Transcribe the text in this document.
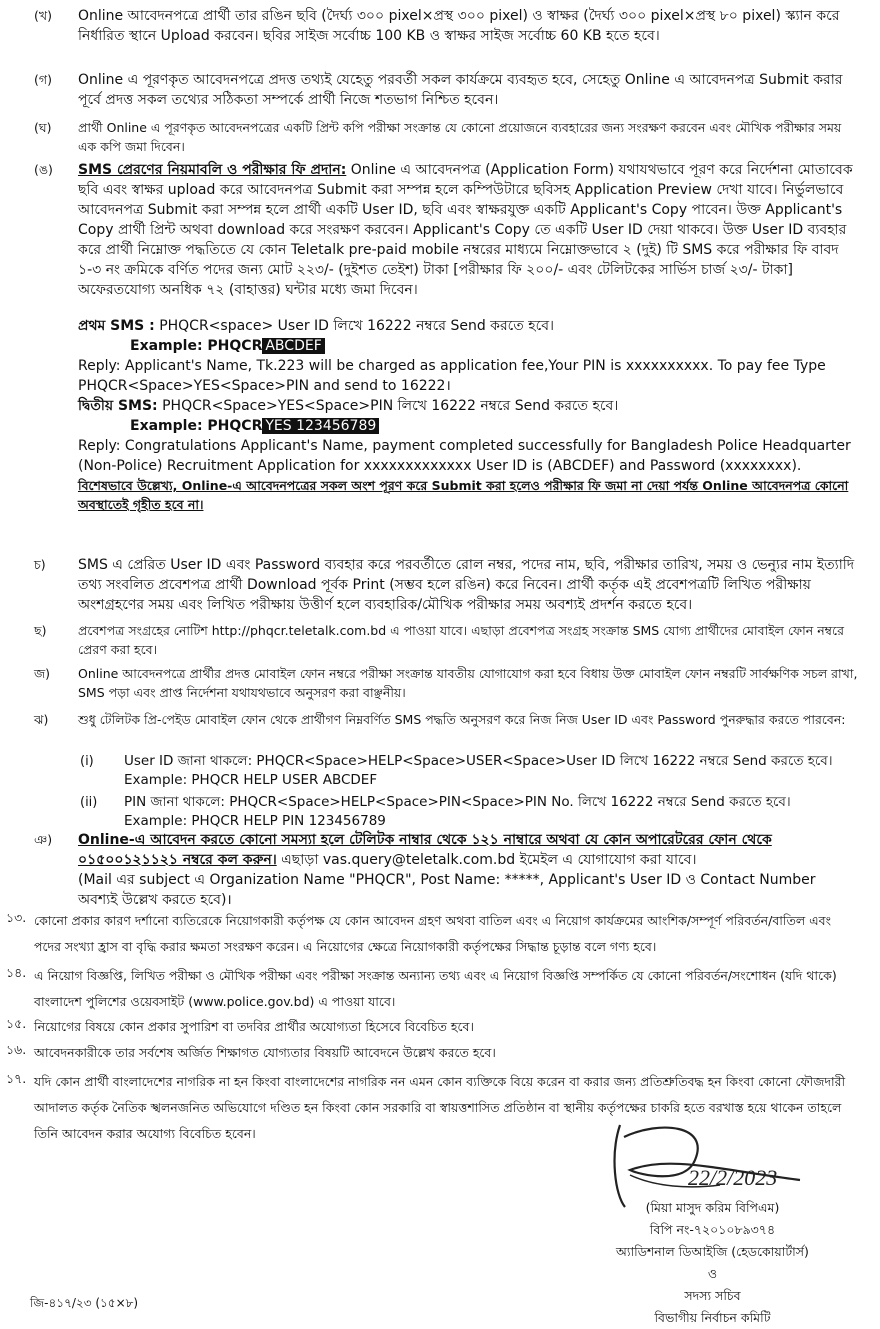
(খ)	Online আবেদনপত্রে প্রার্থী তার রঙিন ছবি (দৈর্ঘ্য ৩০০ pixel×প্রস্থ ৩০০ pixel) ও স্বাক্ষর (দৈর্ঘ্য ৩০০ pixel×প্রস্থ ৮০ pixel) স্ক্যান করে নির্ধারিত স্থানে Upload করবেন। ছবির সাইজ সর্বোচ্চ 100 KB ও স্বাক্ষর সাইজ সর্বোচ্চ 60 KB হতে হবে।
(গ)	Online এ পূরণকৃত আবেদনপত্রে প্রদত্ত তথ্যই যেহেতু পরবর্তী সকল কার্যক্রমে ব্যবহৃত হবে, সেহেতু Online এ আবেদনপত্র Submit করার পূর্বে প্রদত্ত সকল তথ্যের সঠিকতা সম্পর্কে প্রার্থী নিজে শতভাগ নিশ্চিত হবেন।
(ঘ)	প্রার্থী Online এ পূরণকৃত আবেদনপত্রের একটি প্রিন্ট কপি পরীক্ষা সংক্রান্ত যে কোনো প্রয়োজনে ব্যবহারের জন্য সংরক্ষণ করবেন এবং মৌখিক পরীক্ষার সময় এক কপি জমা দিবেন।
(ঙ)	SMS প্রেরণের নিয়মাবলি ও পরীক্ষার ফি প্রদান: Online এ আবেদনপত্র (Application Form) যথাযথভাবে পূরণ করে নির্দেশনা মোতাবেক ছবি এবং স্বাক্ষর upload করে আবেদনপত্র Submit করা সম্পন্ন হলে কম্পিউটারে ছবিসহ Application Preview দেখা যাবে। নির্ভুলভাবে আবেদনপত্র Submit করা সম্পন্ন হলে প্রার্থী একটি User ID, ছবি এবং স্বাক্ষরযুক্ত একটি Applicant's Copy পাবেন। উক্ত Applicant's Copy প্রার্থী প্রিন্ট অথবা download করে সংরক্ষণ করবেন। Applicant's Copy তে একটি User ID দেয়া থাকবে। উক্ত User ID ব্যবহার করে প্রার্থী নিম্নোক্ত পদ্ধতিতে যে কোন Teletalk pre-paid mobile নম্বরের মাধ্যমে নিম্নোক্তভাবে ২ (দুই) টি SMS করে পরীক্ষার ফি বাবদ ১-৩ নং ক্রমিকে বর্ণিত পদের জন্য মোট ২২৩/- (দুইশত তেইশ) টাকা [পরীক্ষার ফি ২০০/- এবং টেলিটকের সার্ভিস চার্জ ২৩/- টাকা] অফেরতযোগ্য অনধিক ৭২ (বাহাত্তর) ঘন্টার মধ্যে জমা দিবেন।
প্রথম SMS : PHQCR<space> User ID লিখে 16222 নম্বরে Send করতে হবে।
Example: PHQCR ABCDEF
Reply: Applicant's Name, Tk.223 will be charged as application fee,Your PIN is xxxxxxxxxx. To pay fee Type PHQCR<Space>YES<Space>PIN and send to 16222।
দ্বিতীয় SMS: PHQCR<Space>YES<Space>PIN লিখে 16222 নম্বরে Send করতে হবে।
Example: PHQCR YES 123456789
Reply: Congratulations Applicant's Name, payment completed successfully for Bangladesh Police Headquarter (Non-Police) Recruitment Application for xxxxxxxxxxxxx User ID is (ABCDEF) and Password (xxxxxxxx).
বিশেষভাবে উল্লেখ্য, Online-এ আবেদনপত্রের সকল অংশ পূরণ করে Submit করা হলেও পরীক্ষার ফি জমা না দেয়া পর্যন্ত Online আবেদনপত্র কোনো অবস্থাতেই গৃহীত হবে না।
চ)	SMS এ প্রেরিত User ID এবং Password ব্যবহার করে পরবর্তীতে রোল নম্বর, পদের নাম, ছবি, পরীক্ষার তারিখ, সময় ও ভেন্যুর নাম ইত্যাদি তথ্য সংবলিত প্রবেশপত্র প্রার্থী Download পূর্বক Print (সম্ভব হলে রঙিন) করে নিবেন। প্রার্থী কর্তৃক এই প্রবেশপত্রটি লিখিত পরীক্ষায় অংশগ্রহণের সময় এবং লিখিত পরীক্ষায় উত্তীর্ণ হলে ব্যবহারিক/মৌখিক পরীক্ষার সময় অবশ্যই প্রদর্শন করতে হবে।
ছ)	প্রবেশপত্র সংগ্রহের নোটিশ http://phqcr.teletalk.com.bd এ পাওয়া যাবে। এছাড়া প্রবেশপত্র সংগ্রহ সংক্রান্ত SMS যোগ্য প্রার্থীদের মোবাইল ফোন নম্বরে প্রেরণ করা হবে।
জ)	Online আবেদনপত্রে প্রার্থীর প্রদত্ত মোবাইল ফোন নম্বরে পরীক্ষা সংক্রান্ত যাবতীয় যোগাযোগ করা হবে বিধায় উক্ত মোবাইল ফোন নম্বরটি সার্বক্ষণিক সচল রাখা, SMS পড়া এবং প্রাপ্ত নির্দেশনা যথাযথভাবে অনুসরণ করা বাঞ্ছনীয়।
ঝ)	শুধু টেলিটক প্রি-পেইড মোবাইল ফোন থেকে প্রার্থীগণ নিম্নবর্ণিত SMS পদ্ধতি অনুসরণ করে নিজ নিজ User ID এবং Password পুনরুদ্ধার করতে পারবেন:
(i)	User ID জানা থাকলে: PHQCR<Space>HELP<Space>USER<Space>User ID লিখে 16222 নম্বরে Send করতে হবে। Example: PHQCR HELP USER ABCDEF
(ii)	PIN জানা থাকলে: PHQCR<Space>HELP<Space>PIN<Space>PIN No. লিখে 16222 নম্বরে Send করতে হবে। Example: PHQCR HELP PIN 123456789
ঞ)	Online-এ আবেদন করতে কোনো সমস্যা হলে টেলিটক নাম্বার থেকে ১২১ নাম্বারে অথবা যে কোন অপারেটরের ফোন থেকে ০১৫০০১২১১২১ নম্বরে কল করুন। এছাড়া vas.query@teletalk.com.bd ইমেইল এ যোগাযোগ করা যাবে।
(Mail এর subject এ Organization Name "PHQCR", Post Name: *****, Applicant's User ID ও Contact Number অবশ্যই উল্লেখ করতে হবে)।
১৩. কোনো প্রকার কারণ দর্শানো ব্যতিরেকে নিয়োগকারী কর্তৃপক্ষ যে কোন আবেদন গ্রহণ অথবা বাতিল এবং এ নিয়োগ কার্যক্রমের আংশিক/সম্পূর্ণ পরিবর্তন/বাতিল এবং পদের সংখ্যা হ্রাস বা বৃদ্ধি করার ক্ষমতা সংরক্ষণ করেন। এ নিয়োগের ক্ষেত্রে নিয়োগকারী কর্তৃপক্ষের সিদ্ধান্ত চূড়ান্ত বলে গণ্য হবে।
১৪. এ নিয়োগ বিজ্ঞপ্তি, লিখিত পরীক্ষা ও মৌখিক পরীক্ষা এবং পরীক্ষা সংক্রান্ত অন্যান্য তথ্য এবং এ নিয়োগ বিজ্ঞপ্তি সম্পর্কিত যে কোনো পরিবর্তন/সংশোধন (যদি থাকে) বাংলাদেশ পুলিশের ওয়েবসাইট (www.police.gov.bd) এ পাওয়া যাবে।
১৫. নিয়োগের বিষয়ে কোন প্রকার সুপারিশ বা তদবির প্রার্থীর অযোগ্যতা হিসেবে বিবেচিত হবে।
১৬. আবেদনকারীকে তার সর্বশেষ অর্জিত শিক্ষাগত যোগ্যতার বিষয়টি আবেদনে উল্লেখ করতে হবে।
১৭. যদি কোন প্রার্থী বাংলাদেশের নাগরিক না হন কিংবা বাংলাদেশের নাগরিক নন এমন কোন ব্যক্তিকে বিয়ে করেন বা করার জন্য প্রতিশ্রুতিবদ্ধ হন কিংবা কোনো ফৌজদারী আদালত কর্তৃক নৈতিক স্খলনজনিত অভিযোগে দণ্ডিত হন কিংবা কোন সরকারি বা স্বায়ত্তশাসিত প্রতিষ্ঠান বা স্থানীয় কর্তৃপক্ষের চাকরি হতে বরখাস্ত হয়ে থাকেন তাহলে তিনি আবেদন করার অযোগ্য বিবেচিত হবেন।
22/2/2023
(মিয়া মাসুদ করিম বিপিএম)
বিপি নং-৭২০১০৮৯৩৭৪
অ্যাডিশনাল ডিআইজি (হেডকোয়ার্টার্স)
ও
সদস্য সচিব
বিভাগীয় নির্বাচন কমিটি
জি-৪১৭/২৩ (১৫×৮)
